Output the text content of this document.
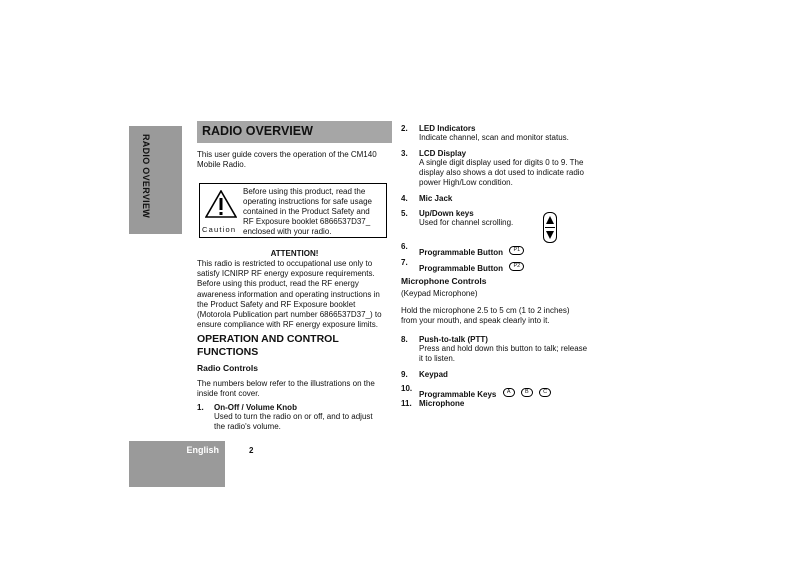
RADIO OVERVIEW
RADIO OVERVIEW
This user guide covers the operation of the CM140
Mobile Radio.
Before using this product, read the
operating instructions for safe usage
contained in the Product Safety and
RF Exposure booklet 6866537D37_
enclosed with your radio.
Caution
ATTENTION!
This radio is restricted to occupational use only to
satisfy ICNIRP RF energy exposure requirements.
Before using this product, read the RF energy
awareness information and operating instructions in
the Product Safety and RF Exposure booklet
(Motorola Publication part number 6866537D37_) to
ensure compliance with RF energy exposure limits.
OPERATION AND CONTROL
FUNCTIONS
Radio Controls
The numbers below refer to the illustrations on the
inside front cover.
1. On-Off / Volume Knob
Used to turn the radio on or off, and to adjust
the radio's volume.
2. LED Indicators
Indicate channel, scan and monitor status.
3. LCD Display
A single digit display used for digits 0 to 9. The
display also shows a dot used to indicate radio
power High/Low condition.
4. Mic Jack
5. Up/Down keys
Used for channel scrolling.
6.
Programmable Button P1
7.
Programmable Button P2
Microphone Controls
(Keypad Microphone)
Hold the microphone 2.5 to 5 cm (1 to 2 inches)
from your mouth, and speak clearly into it.
8. Push-to-talk (PTT)
Press and hold down this button to talk; release
it to listen.
9. Keypad
10.
Programmable Keys A	B	C
11. Microphone
English	2
